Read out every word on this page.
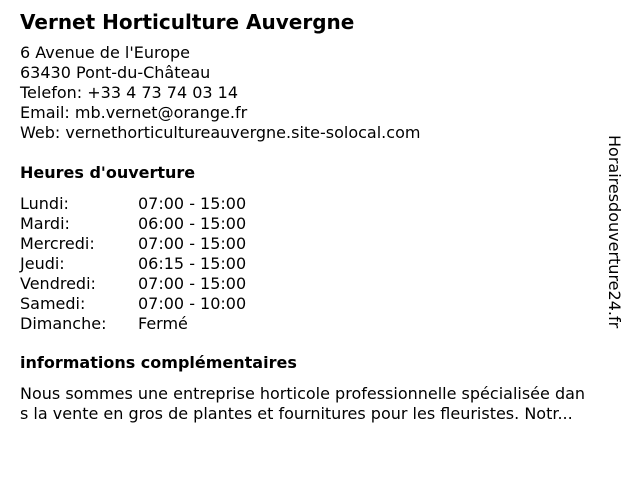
Vernet Horticulture Auvergne
6 Avenue de l'Europe
63430 Pont-du-Château
Telefon: +33 4 73 74 03 14
Email: mb.vernet@orange.fr
Web: vernethorticultureauvergne.site-solocal.com
Heures d'ouverture
Lundi:	07:00 - 15:00
Mardi:	06:00 - 15:00
Mercredi:	07:00 - 15:00
Jeudi:	06:15 - 15:00
Vendredi:	07:00 - 15:00
Samedi:	07:00 - 10:00
Dimanche: Fermé
informations complémentaires
Nous sommes une entreprise horticole professionnelle spécialisée dan
s la vente en gros de plantes et fournitures pour les fleuristes. Notr...
Horairesdouverture24.fr
